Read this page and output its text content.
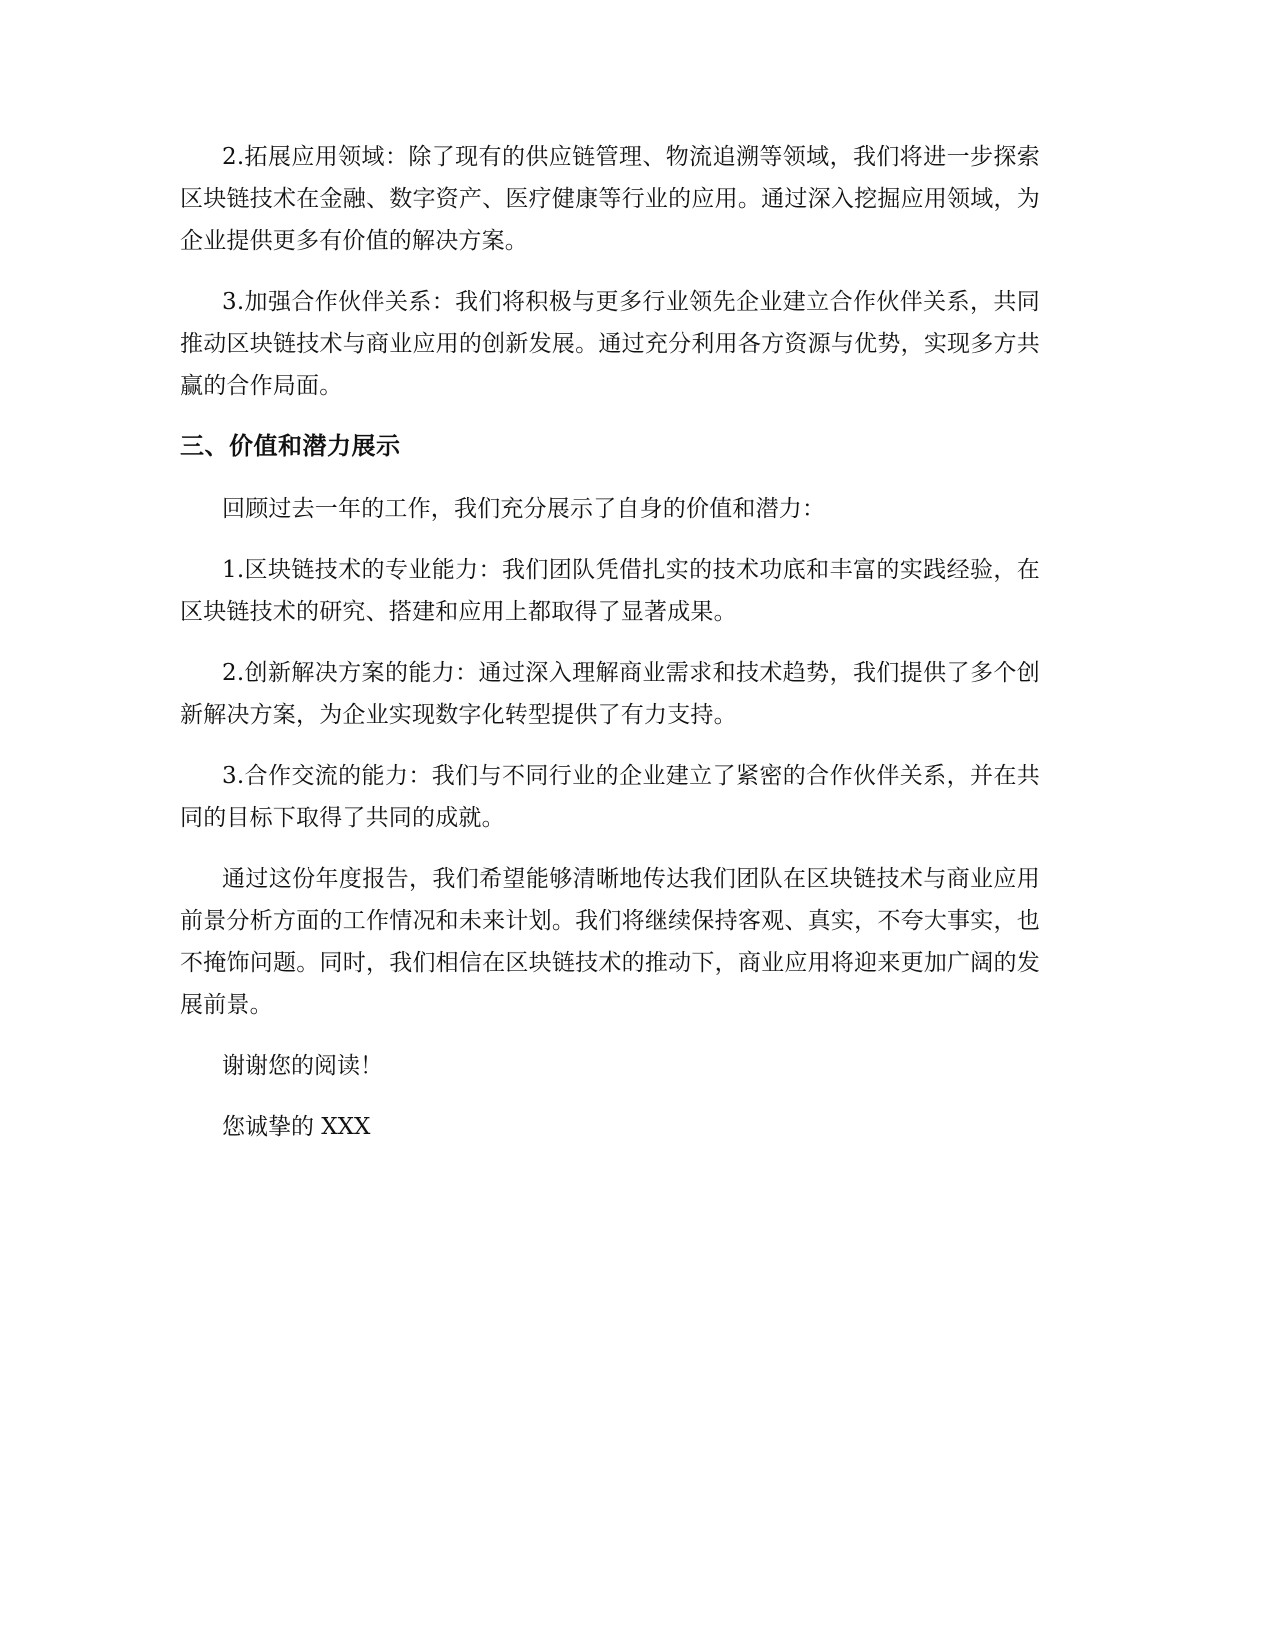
2.拓展应用领域：除了现有的供应链管理、物流追溯等领域，我们将进一步探索区块链技术在金融、数字资产、医疗健康等行业的应用。通过深入挖掘应用领域，为企业提供更多有价值的解决方案。

3.加强合作伙伴关系：我们将积极与更多行业领先企业建立合作伙伴关系，共同推动区块链技术与商业应用的创新发展。通过充分利用各方资源与优势，实现多方共赢的合作局面。

三、价值和潜力展示

回顾过去一年的工作，我们充分展示了自身的价值和潜力：

1.区块链技术的专业能力：我们团队凭借扎实的技术功底和丰富的实践经验，在区块链技术的研究、搭建和应用上都取得了显著成果。

2.创新解决方案的能力：通过深入理解商业需求和技术趋势，我们提供了多个创新解决方案，为企业实现数字化转型提供了有力支持。

3.合作交流的能力：我们与不同行业的企业建立了紧密的合作伙伴关系，并在共同的目标下取得了共同的成就。

通过这份年度报告，我们希望能够清晰地传达我们团队在区块链技术与商业应用前景分析方面的工作情况和未来计划。我们将继续保持客观、真实，不夸大事实，也不掩饰问题。同时，我们相信在区块链技术的推动下，商业应用将迎来更加广阔的发展前景。

谢谢您的阅读！

您诚挚的 XXX
